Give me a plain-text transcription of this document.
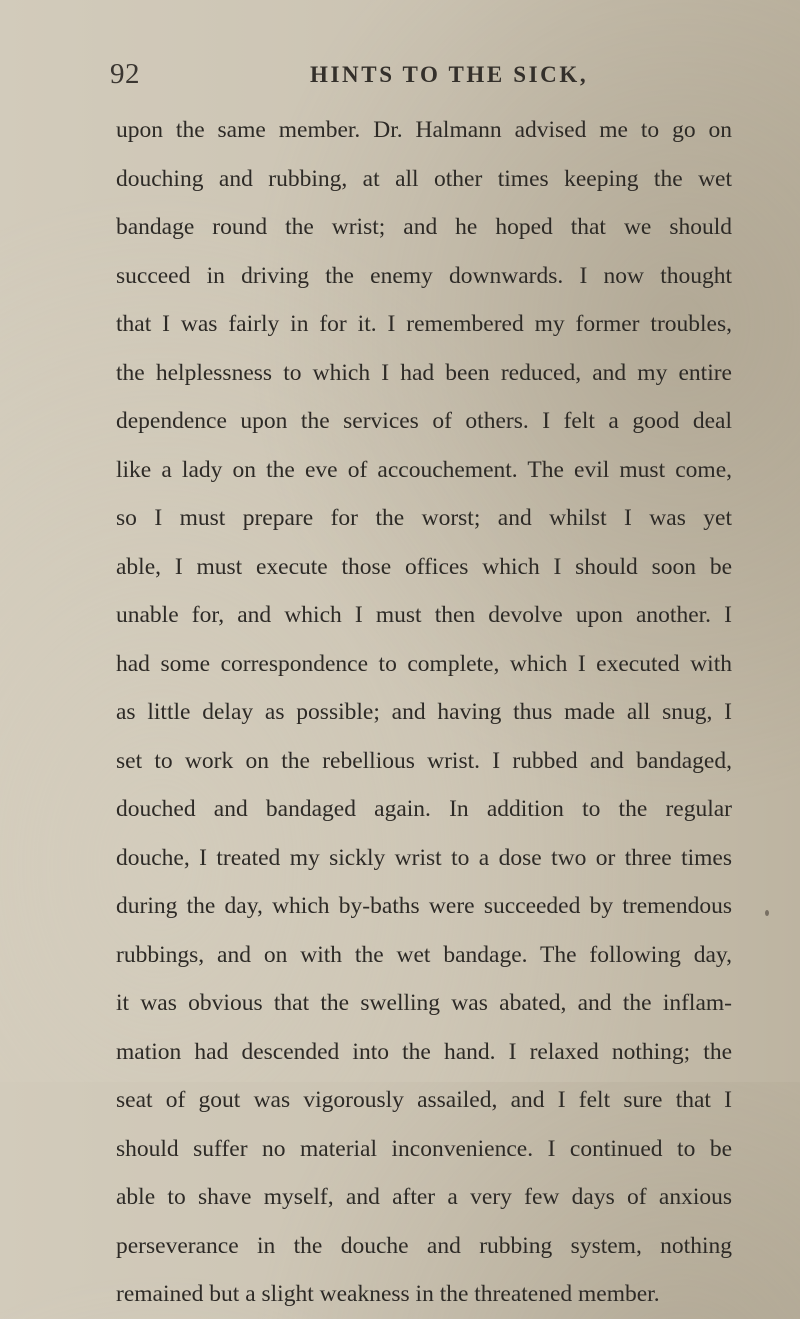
92	HINTS TO THE SICK,
upon the same member. Dr. Halmann advised me to go on
douching and rubbing, at all other times keeping the wet
bandage round the wrist; and he hoped that we should
succeed in driving the enemy downwards. I now thought
that I was fairly in for it. I remembered my former troubles,
the helplessness to which I had been reduced, and my entire
dependence upon the services of others. I felt a good deal
like a lady on the eve of accouchement. The evil must come,
so I must prepare for the worst; and whilst I was yet
able, I must execute those offices which I should soon be
unable for, and which I must then devolve upon another. I
had some correspondence to complete, which I executed with
as little delay as possible; and having thus made all snug, I
set to work on the rebellious wrist. I rubbed and bandaged,
douched and bandaged again. In addition to the regular
douche, I treated my sickly wrist to a dose two or three times
during the day, which by-baths were succeeded by tremendous
rubbings, and on with the wet bandage. The following day,
it was obvious that the swelling was abated, and the inflam-
mation had descended into the hand. I relaxed nothing; the
seat of gout was vigorously assailed, and I felt sure that I
should suffer no material inconvenience. I continued to be
able to shave myself, and after a very few days of anxious
perseverance in the douche and rubbing system, nothing
remained but a slight weakness in the threatened member.
